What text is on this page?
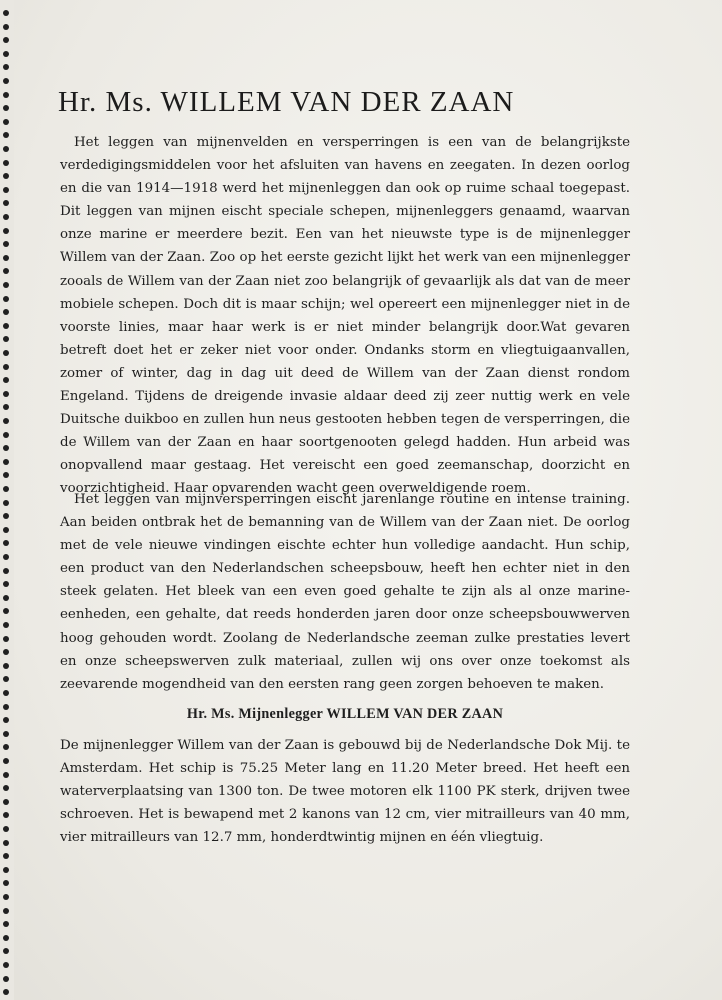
Hr. Ms. WILLEM VAN DER ZAAN
Het leggen van mijnenvelden en versperringen is een van de belangrijkste verdedigingsmiddelen voor het afsluiten van havens en zeegaten. In dezen oorlog en die van 1914—1918 werd het mijnenleggen dan ook op ruime schaal toegepast. Dit leggen van mijnen eischt speciale schepen, mijnenleggers genaamd, waarvan onze marine er meerdere bezit. Een van het nieuwste type is de mijnenlegger Willem van der Zaan. Zoo op het eerste gezicht lijkt het werk van een mijnenlegger zooals de Willem van der Zaan niet zoo belangrijk of gevaarlijk als dat van de meer mobiele schepen. Doch dit is maar schijn; wel opereert een mijnenlegger niet in de voorste linies, maar haar werk is er niet minder belangrijk door.Wat gevaren betreft doet het er zeker niet voor onder. Ondanks storm en vliegtuigaanvallen, zomer of winter, dag in dag uit deed de Willem van der Zaan dienst rondom Engeland. Tijdens de dreigende invasie aldaar deed zij zeer nuttig werk en vele Duitsche duikboo en zullen hun neus gestooten hebben tegen de versperringen, die de Willem van der Zaan en haar soortgenooten gelegd hadden. Hun arbeid was onopvallend maar gestaag. Het vereischt een goed zeemanschap, doorzicht en voorzichtigheid. Haar opvarenden wacht geen overweldigende roem.
Het leggen van mijnversperringen eischt jarenlange routine en intense training. Aan beiden ontbrak het de bemanning van de Willem van der Zaan niet. De oorlog met de vele nieuwe vindingen eischte echter hun volledige aandacht. Hun schip, een product van den Nederlandschen scheepsbouw, heeft hen echter niet in den steek gelaten. Het bleek van een even goed gehalte te zijn als al onze marine-eenheden, een gehalte, dat reeds honderden jaren door onze scheepsbouwwerven hoog gehouden wordt. Zoolang de Nederlandsche zeeman zulke prestaties levert en onze scheepswerven zulk materiaal, zullen wij ons over onze toekomst als zeevarende mogendheid van den eersten rang geen zorgen behoeven te maken.
Hr. Ms. Mijnenlegger WILLEM VAN DER ZAAN
De mijnenlegger Willem van der Zaan is gebouwd bij de Nederlandsche Dok Mij. te Amsterdam. Het schip is 75.25 Meter lang en 11.20 Meter breed. Het heeft een waterverplaatsing van 1300 ton. De twee motoren elk 1100 PK sterk, drijven twee schroeven. Het is bewapend met 2 kanons van 12 cm, vier mitrailleurs van 40 mm, vier mitrailleurs van 12.7 mm, honderdtwintig mijnen en één vliegtuig.
